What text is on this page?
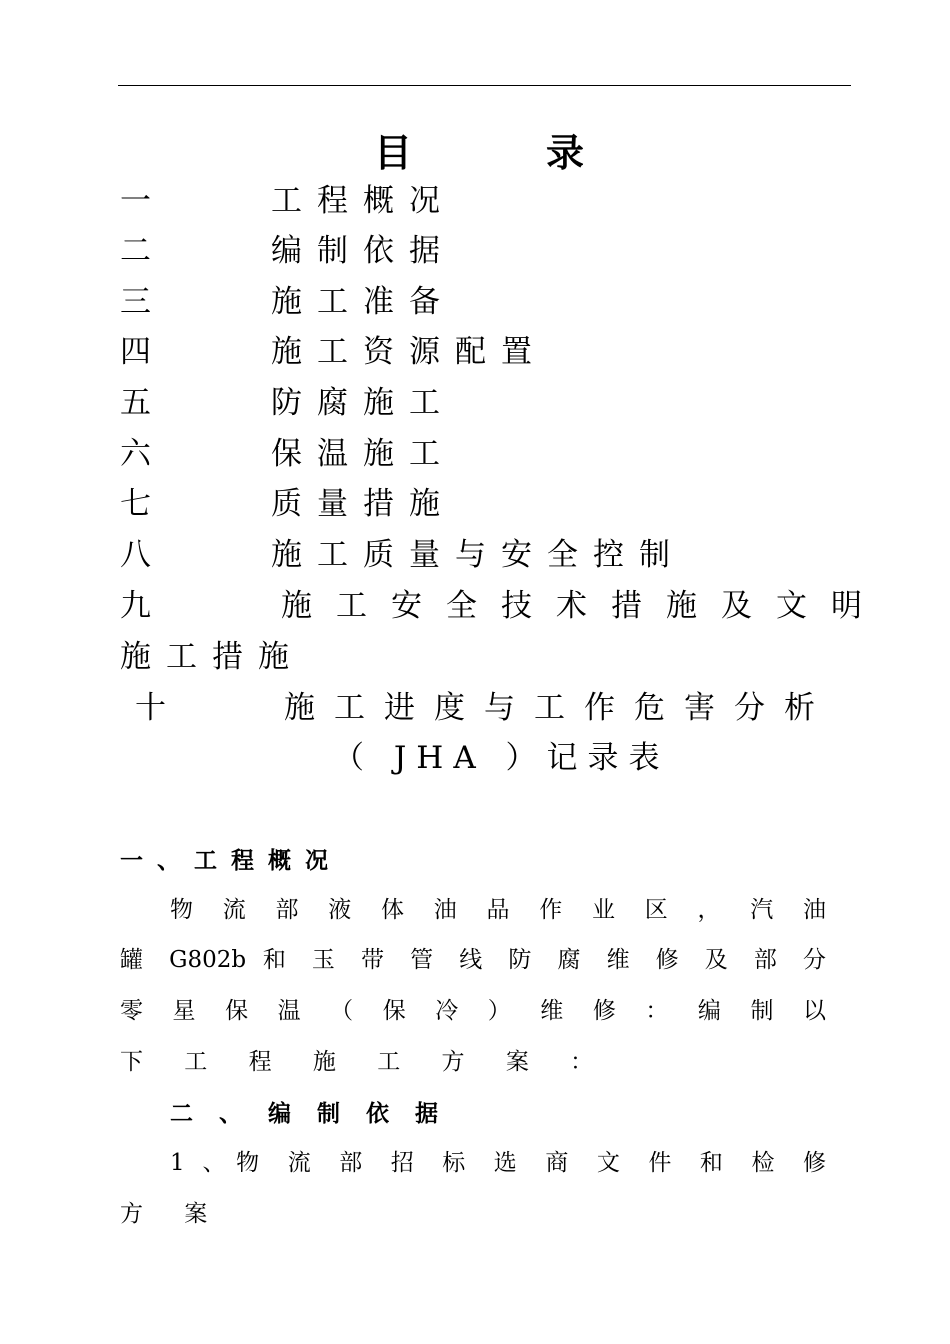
目	录
一	工程概况
二	编制依据
三	施工准备
四	施工资源配置
五	防腐施工
六	保温施工
七	质量措施
八	施工质量与安全控制
九	施工安全技术措施及文明
施工措施
十	施工进度与工作危害分析
（ JHA ）记录表
一 、 工 程 概 况
物 流 部 液 体 油 品 作 业 区 ， 汽 油
罐 G802b 和 玉 带 管 线 防 腐 维 修 及 部 分
零 星 保 温 （ 保 冷 ） 维 修 ： 编 制 以
下 工 程 施 工 方 案 ：
二 、 编 制 依 据
1 、物 流 部 招 标 选 商 文 件 和 检 修
方 案
